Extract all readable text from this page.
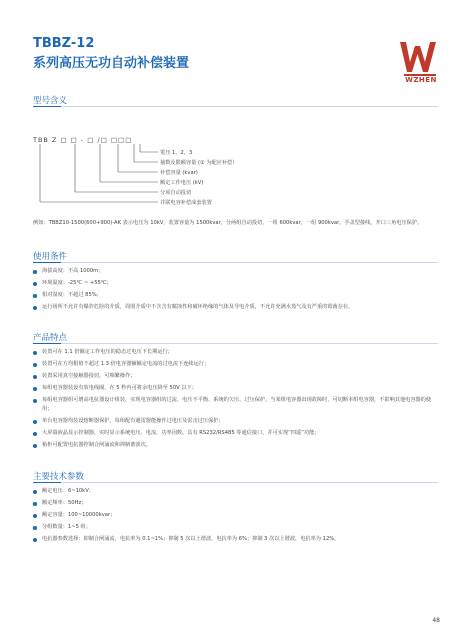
TBBZ-12
系列高压无功自动补偿装置
WZHEN
型号含义
TBB Z □ □ - □ /□ □□□
電压 1，2，3
抽数及限额容量 (① 为配应补偿）
补偿容量 (kvar)
额定工作电压 (kV)
分项自动投切
并联电容补偿成套装置
例如：TBBZ10-1500(600+900)-AK 表示电压为 10kV，装置容量为 1500kvar，分两组自动投切，一组 600kvar，一组 900kvar，手盖型接线，开口三角电压保护。
使用条件
海拔高度：不高 1000m；
环境温度：-25℃ ~ +55℃；
相对湿度：不超过 85%；
运行场所不允许有爆炸危险的介质，周围介质中不含含有腐蚀性和破坏绝缘的气体及导电介质，不允许充满水蒸气及有严重的霉菌存在。
产品特点
装置可在 1.1 倍额定工作电压的稳态过电压下长期运行；
装置可在方均根值不超过 1.3 倍电容器额额定电流的过电流下连续运行；
装置采用真空接触器投切，可频繁操作；
每组电容器装设有放电线圈，在 5 秒内可将余电压降至 50V 以下；
每组电容器组可增高电抗器设计组装，实现电容器组的过流、电压不平衡、系统的欠压、过压保护，当某组电容器出现故障时，可切断本组电容器，不影响其他电容器的使用；
单台电容器均装设熔断器保护，每组配有避雷器能操作过电压及雷击过压保护；
大屏幕液晶显示控制器，实时显示系统电压、电流、功率因数，具有 RS232/RS485 等通信接口，并可实现“四遥”功能；
箱柜可配置电抗器控制合闸涌流和抑制谐波次。
主要技术参数
额定电压：6~10kV；
额定频率：50Hz；
额定容量：100~10000kvar；
分组数量：1~5 组；
电抗器参数选择：抑制合闸涌流，电抗率为 0.1~1%；抑制 5 次以上谐波，电抗率为 6%；抑制 3 次以上谐波，电抗率为 12%。
48
